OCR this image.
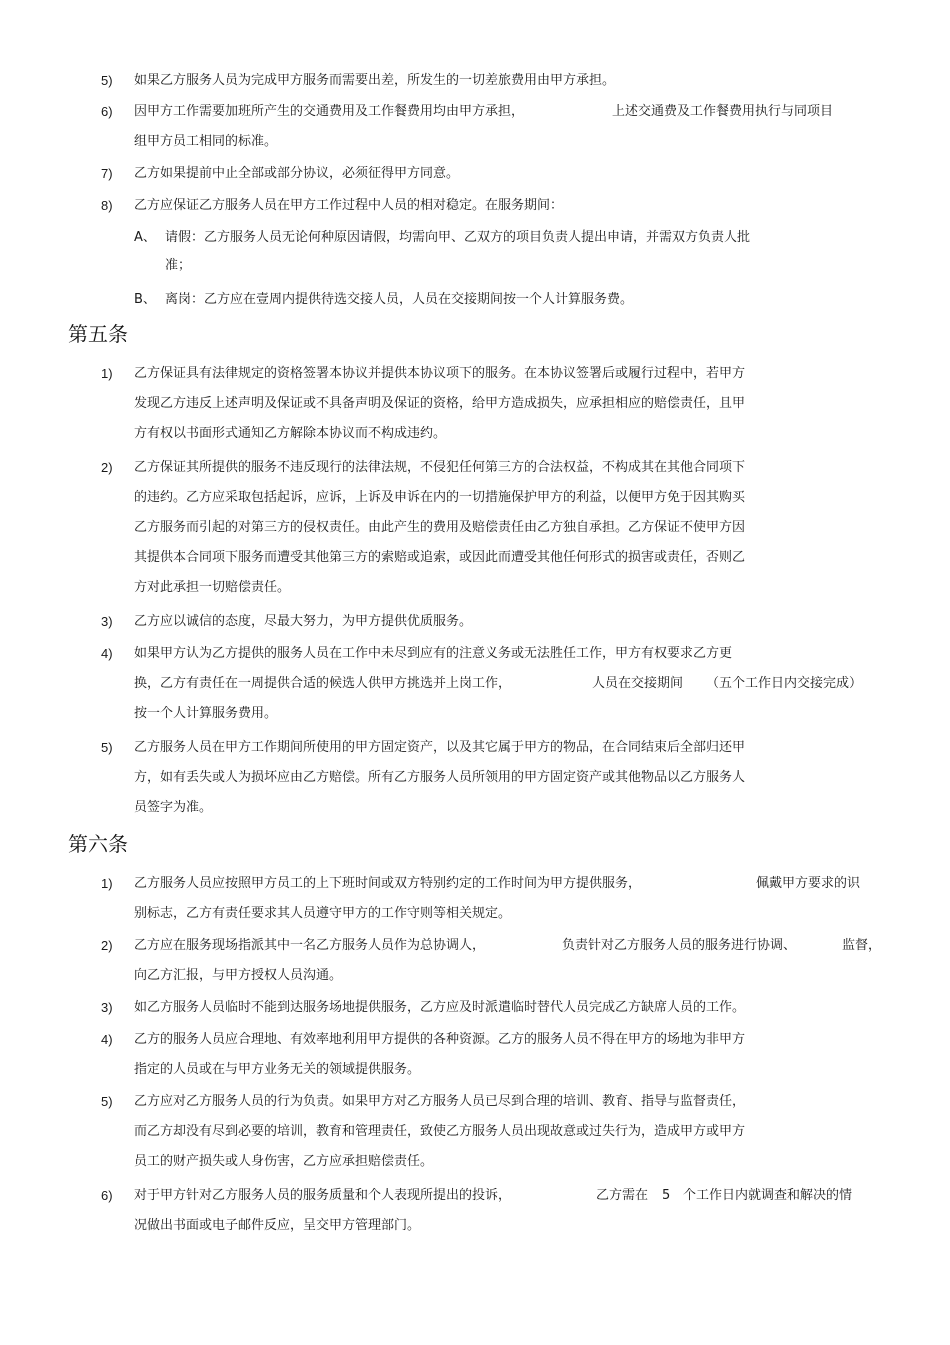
5) 如果乙方服务人员为完成甲方服务而需要出差，所发生的一切差旅费用由甲方承担。
6) 因甲方工作需要加班所产生的交通费用及工作餐费用均由甲方承担，	上述交通费及工作餐费用执行与同项目
组甲方员工相同的标准。
7) 乙方如果提前中止全部或部分协议，必须征得甲方同意。
8) 乙方应保证乙方服务人员在甲方工作过程中人员的相对稳定。在服务期间：
A、 请假：乙方服务人员无论何种原因请假，均需向甲、乙双方的项目负责人提出申请，并需双方负责人批
准；
B、 离岗：乙方应在壹周内提供待选交接人员，人员在交接期间按一个人计算服务费。
第五条
1) 乙方保证具有法律规定的资格签署本协议并提供本协议项下的服务。在本协议签署后或履行过程中，若甲方
发现乙方违反上述声明及保证或不具备声明及保证的资格，给甲方造成损失，应承担相应的赔偿责任，且甲
方有权以书面形式通知乙方解除本协议而不构成违约。
2) 乙方保证其所提供的服务不违反现行的法律法规，不侵犯任何第三方的合法权益，不构成其在其他合同项下
的违约。乙方应采取包括起诉，应诉，上诉及申诉在内的一切措施保护甲方的利益，以便甲方免于因其购买
乙方服务而引起的对第三方的侵权责任。由此产生的费用及赔偿责任由乙方独自承担。乙方保证不使甲方因
其提供本合同项下服务而遭受其他第三方的索赔或追索，或因此而遭受其他任何形式的损害或责任，否则乙
方对此承担一切赔偿责任。
3) 乙方应以诚信的态度，尽最大努力，为甲方提供优质服务。
4) 如果甲方认为乙方提供的服务人员在工作中未尽到应有的注意义务或无法胜任工作，甲方有权要求乙方更
换，乙方有责任在一周提供合适的候选人供甲方挑选并上岗工作，	人员在交接期间 （五个工作日内交接完成）
按一个人计算服务费用。
5) 乙方服务人员在甲方工作期间所使用的甲方固定资产，以及其它属于甲方的物品，在合同结束后全部归还甲
方，如有丢失或人为损坏应由乙方赔偿。所有乙方服务人员所领用的甲方固定资产或其他物品以乙方服务人
员签字为准。
第六条
1) 乙方服务人员应按照甲方员工的上下班时间或双方特别约定的工作时间为甲方提供服务，	佩戴甲方要求的识
别标志，乙方有责任要求其人员遵守甲方的工作守则等相关规定。
2) 乙方应在服务现场指派其中一名乙方服务人员作为总协调人，	负责针对乙方服务人员的服务进行协调、	监督，
向乙方汇报，与甲方授权人员沟通。
3) 如乙方服务人员临时不能到达服务场地提供服务，乙方应及时派遣临时替代人员完成乙方缺席人员的工作。
4) 乙方的服务人员应合理地、有效率地利用甲方提供的各种资源。乙方的服务人员不得在甲方的场地为非甲方
指定的人员或在与甲方业务无关的领域提供服务。
5) 乙方应对乙方服务人员的行为负责。如果甲方对乙方服务人员已尽到合理的培训、教育、指导与监督责任，
而乙方却没有尽到必要的培训，教育和管理责任，致使乙方服务人员出现故意或过失行为，造成甲方或甲方
员工的财产损失或人身伤害，乙方应承担赔偿责任。
6) 对于甲方针对乙方服务人员的服务质量和个人表现所提出的投诉，	乙方需在 5 个工作日内就调查和解决的情
况做出书面或电子邮件反应，呈交甲方管理部门。
